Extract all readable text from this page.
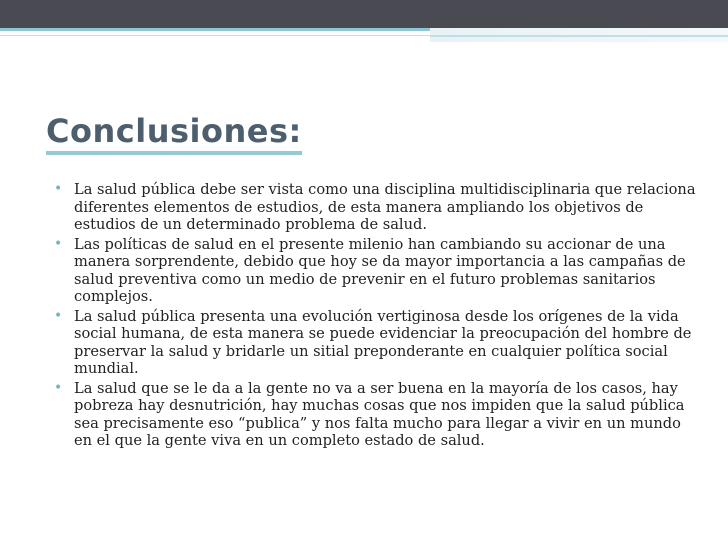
Conclusiones:
• La salud pública debe ser vista como una disciplina multidisciplinaria que relaciona diferentes elementos de estudios, de esta manera ampliando los objetivos de estudios de un determinado problema de salud.
• Las políticas de salud en el presente milenio han cambiando su accionar de una manera sorprendente, debido que hoy se da mayor importancia a las campañas de salud preventiva como un medio de prevenir en el futuro problemas sanitarios complejos.
• La salud pública presenta una evolución vertiginosa desde los orígenes de la vida social humana, de esta manera se puede evidenciar la preocupación del hombre de preservar la salud y bridarle un sitial preponderante en cualquier política social mundial.
• La salud que se le da a la gente no va a ser buena en la mayoría de los casos, hay pobreza hay desnutrición, hay muchas cosas que nos impiden que la salud pública sea precisamente eso “publica” y nos falta mucho para llegar a vivir en un mundo en el que la gente viva en un completo estado de salud.
